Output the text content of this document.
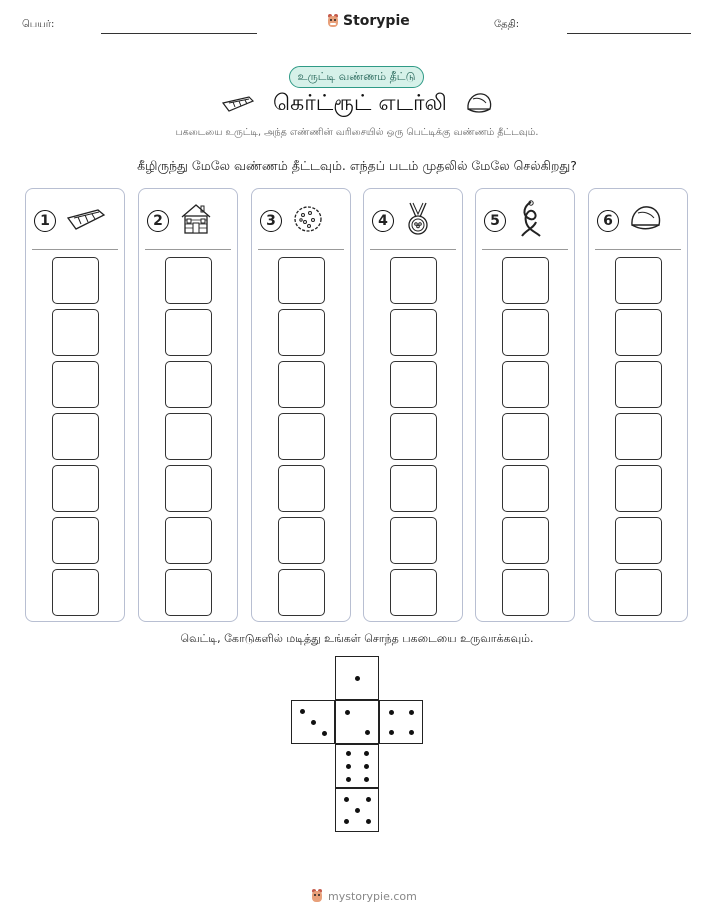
பெயர்:	Storypie	தேதி:
உருட்டி வண்ணம் தீட்டு
கெர்ட்ரூட் எடர்லி
பகடையை உருட்டி, அந்த எண்ணின் வரிசையில் ஒரு பெட்டிக்கு வண்ணம் தீட்டவும்.
கீழிருந்து மேலே வண்ணம் தீட்டவும். எந்தப் படம் முதலில் மேலே செல்கிறது?
1	2	3	4	5	6
வெட்டி, கோடுகளில் மடித்து உங்கள் சொந்த பகடையை உருவாக்கவும்.
mystorypie.com
